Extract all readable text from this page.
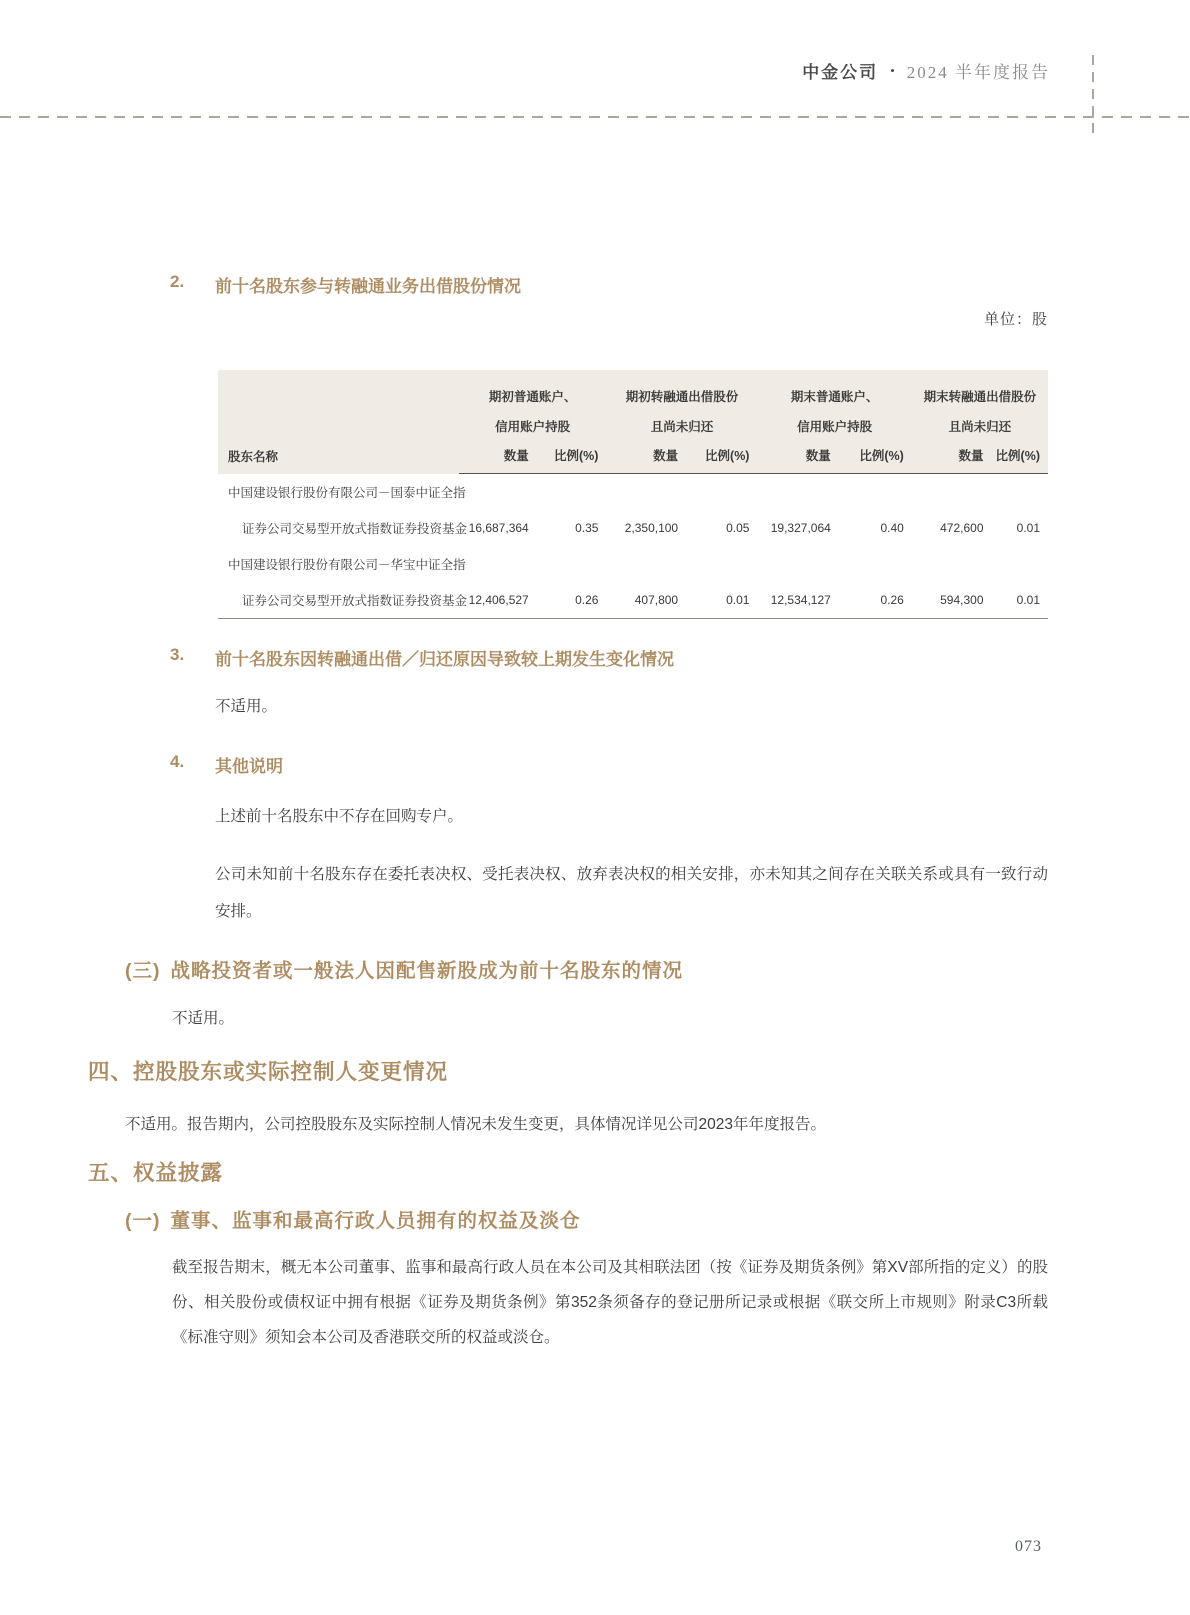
中金公司 • 2024 半年度报告
2.	前十名股东参与转融通业务出借股份情况
单位：股
股东名称	
期初普通账户、
信用账户持股

期初转融通出借股份
且尚未归还

期末普通账户、
信用账户持股

期末转融通出借股份
且尚未归还

	数量	比例(%)	数量	比例(%)	数量	比例(%)	数量	比例(%)
中国建设银行股份有限公司－国泰中证全指								
证券公司交易型开放式指数证券投资基金	16,687,364	0.35	2,350,100	0.05	19,327,064	0.40	472,600	0.01
中国建设银行股份有限公司－华宝中证全指								
证券公司交易型开放式指数证券投资基金	12,406,527	0.26	407,800	0.01	12,534,127	0.26	594,300	0.01
3.	前十名股东因转融通出借／归还原因导致较上期发生变化情况
不适用。
4.	其他说明
上述前十名股东中不存在回购专户。
公司未知前十名股东存在委托表决权、受托表决权、放弃表决权的相关安排，亦未知其之间存在关联关系或具有一致行动安排。
(三) 战略投资者或一般法人因配售新股成为前十名股东的情况
不适用。
四、 控股股东或实际控制人变更情况
不适用。报告期内，公司控股股东及实际控制人情况未发生变更，具体情况详见公司2023年年度报告。
五、 权益披露
(一) 董事、监事和最高行政人员拥有的权益及淡仓
截至报告期末，概无本公司董事、监事和最高行政人员在本公司及其相联法团（按《证券及期货条例》第XV部所指的定义）的股份、相关股份或债权证中拥有根据《证券及期货条例》第352条须备存的登记册所记录或根据《联交所上市规则》附录C3所载《标准守则》须知会本公司及香港联交所的权益或淡仓。
073
